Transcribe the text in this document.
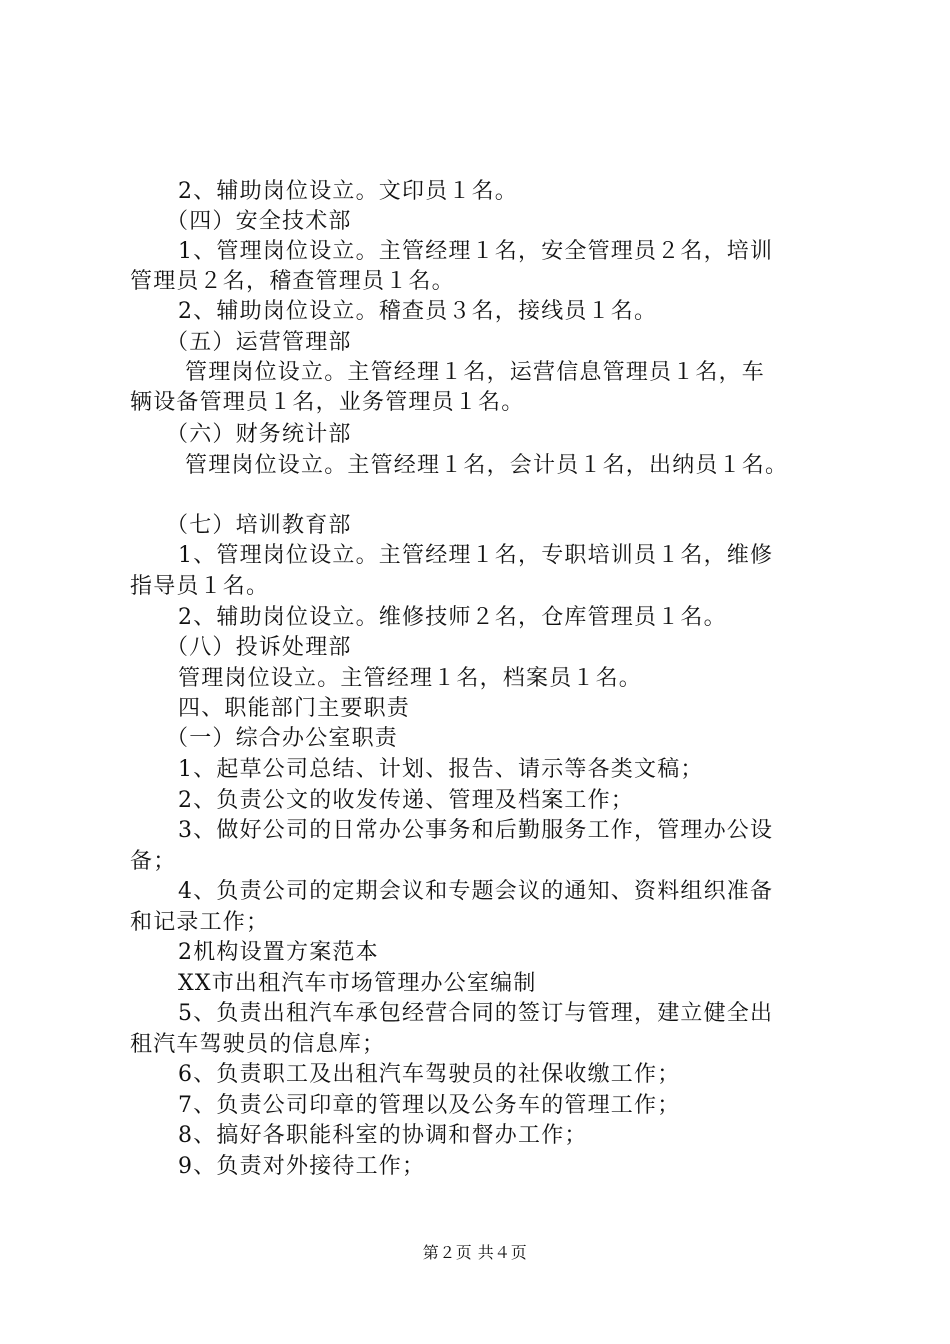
2、辅助岗位设立。文印员１名。
（四）安全技术部
1、管理岗位设立。主管经理１名，安全管理员２名，培训
管理员２名，稽查管理员１名。
2、辅助岗位设立。稽查员３名，接线员１名。
（五）运营管理部
管理岗位设立。主管经理１名，运营信息管理员１名，车
辆设备管理员１名，业务管理员１名。
（六）财务统计部
管理岗位设立。主管经理１名，会计员１名，出纳员１名。
（七）培训教育部
1、管理岗位设立。主管经理１名，专职培训员１名，维修
指导员１名。
2、辅助岗位设立。维修技师２名，仓库管理员１名。
（八）投诉处理部
管理岗位设立。主管经理１名，档案员１名。
四、职能部门主要职责
（一）综合办公室职责
1、起草公司总结、计划、报告、请示等各类文稿；
2、负责公文的收发传递、管理及档案工作；
3、做好公司的日常办公事务和后勤服务工作，管理办公设
备；
4、负责公司的定期会议和专题会议的通知、资料组织准备
和记录工作；
2机构设置方案范本
XX市出租汽车市场管理办公室编制
5、负责出租汽车承包经营合同的签订与管理，建立健全出
租汽车驾驶员的信息库；
6、负责职工及出租汽车驾驶员的社保收缴工作；
7、负责公司印章的管理以及公务车的管理工作；
8、搞好各职能科室的协调和督办工作；
9、负责对外接待工作；
第２页 共４页
